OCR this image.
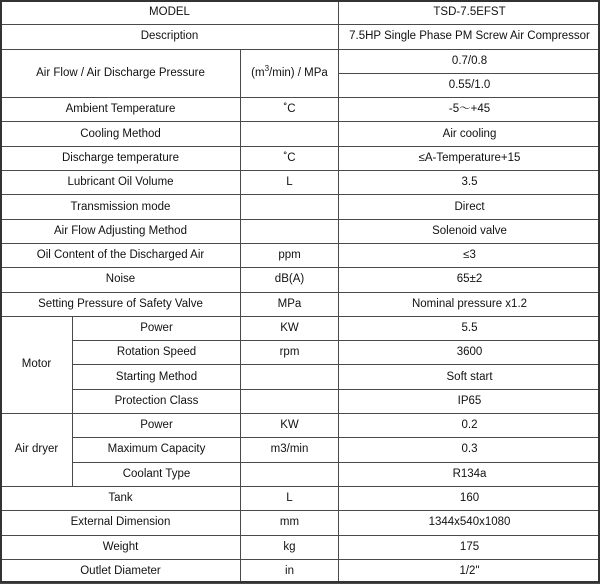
MODEL			TSD-7.5EFST
Description			7.5HP Single Phase PM Screw Air Compressor
Air Flow / Air Discharge Pressure		$(m^3/\min)$ / MPa	0.7/0.8
			0.55/1.0
Ambient Temperature		˚C	-5～+45
Cooling Method			Air cooling
Discharge temperature		˚C	≤A-Temperature+15
Lubricant Oil Volume		L	3.5
Transmission mode			Direct
Air Flow Adjusting Method			Solenoid valve
Oil Content of the Discharged Air		ppm	≤3
Noise		dB(A)	65±2
Setting Pressure of Safety Valve		MPa	Nominal pressure x1.2
Motor	Power	KW	5.5
	Rotation Speed	rpm	3600
	Starting Method		Soft start
	Protection Class		IP65
Air dryer	Power	KW	0.2
	Maximum Capacity	m3/min	0.3
	Coolant Type		R134a
Tank		L	160
External Dimension		mm	1344x540x1080
Weight		kg	175
Outlet Diameter		in	1/2"
